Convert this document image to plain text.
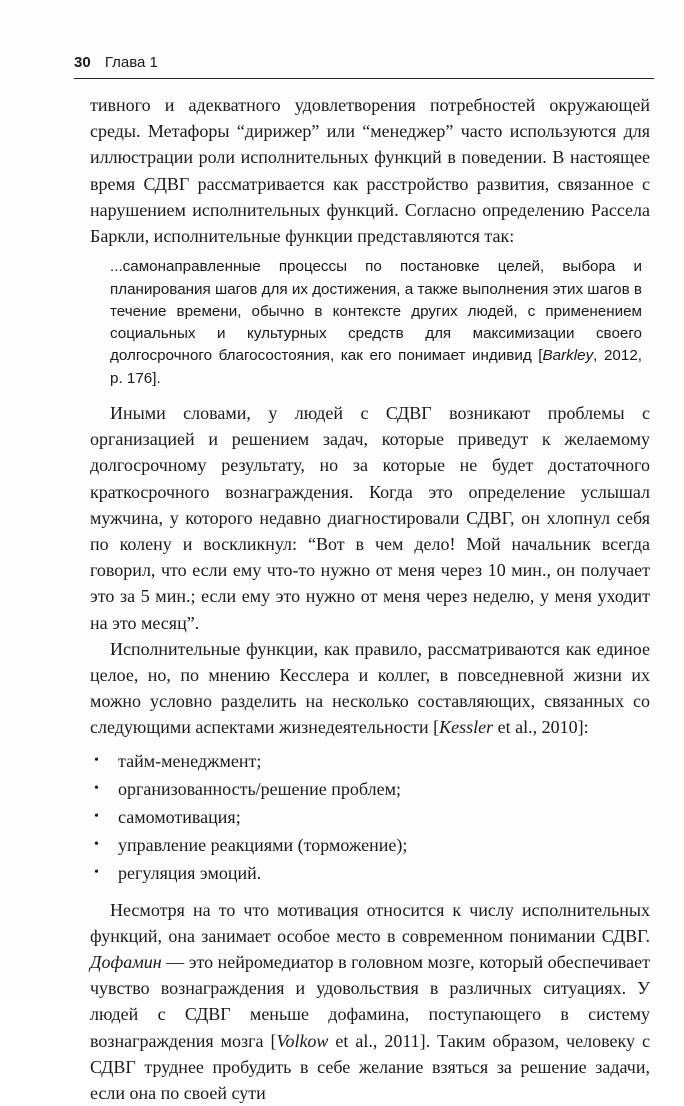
30 Глава 1

тивного и адекватного удовлетворения потребностей окружающей среды. Метафоры “дирижер” или “менеджер” часто используются для иллюстрации роли исполнительных функций в поведении. В настоящее время СДВГ рассматривается как расстройство развития, связанное с нарушением исполнительных функций. Согласно определению Рассела Баркли, исполнительные функции представляются так:

...самонаправленные процессы по постановке целей, выбора и планирования шагов для их достижения, а также выполнения этих шагов в течение времени, обычно в контексте других людей, с применением социальных и культурных средств для максимизации своего долгосрочного благосостояния, как его понимает индивид [Barkley, 2012, p. 176].

Иными словами, у людей с СДВГ возникают проблемы с организацией и решением задач, которые приведут к желаемому долгосрочному результату, но за которые не будет достаточного краткосрочного вознаграждения. Когда это определение услышал мужчина, у которого недавно диагностировали СДВГ, он хлопнул себя по колену и воскликнул: “Вот в чем дело! Мой начальник всегда говорил, что если ему что-то нужно от меня через 10 мин., он получает это за 5 мин.; если ему это нужно от меня через неделю, у меня уходит на это месяц”.

Исполнительные функции, как правило, рассматриваются как единое целое, но, по мнению Кесслера и коллег, в повседневной жизни их можно условно разделить на несколько составляющих, связанных со следующими аспектами жизнедеятельности [Kessler et al., 2010]:

• тайм-менеджмент;
• организованность/решение проблем;
• самомотивация;
• управление реакциями (торможение);
• регуляция эмоций.

Несмотря на то что мотивация относится к числу исполнительных функций, она занимает особое место в современном понимании СДВГ. Дофамин — это нейромедиатор в головном мозге, который обеспечивает чувство вознаграждения и удовольствия в различных ситуациях. У людей с СДВГ меньше дофамина, поступающего в систему вознаграждения мозга [Volkow et al., 2011]. Таким образом, человеку с СДВГ труднее пробудить в себе желание взяться за решение задачи, если она по своей сути
